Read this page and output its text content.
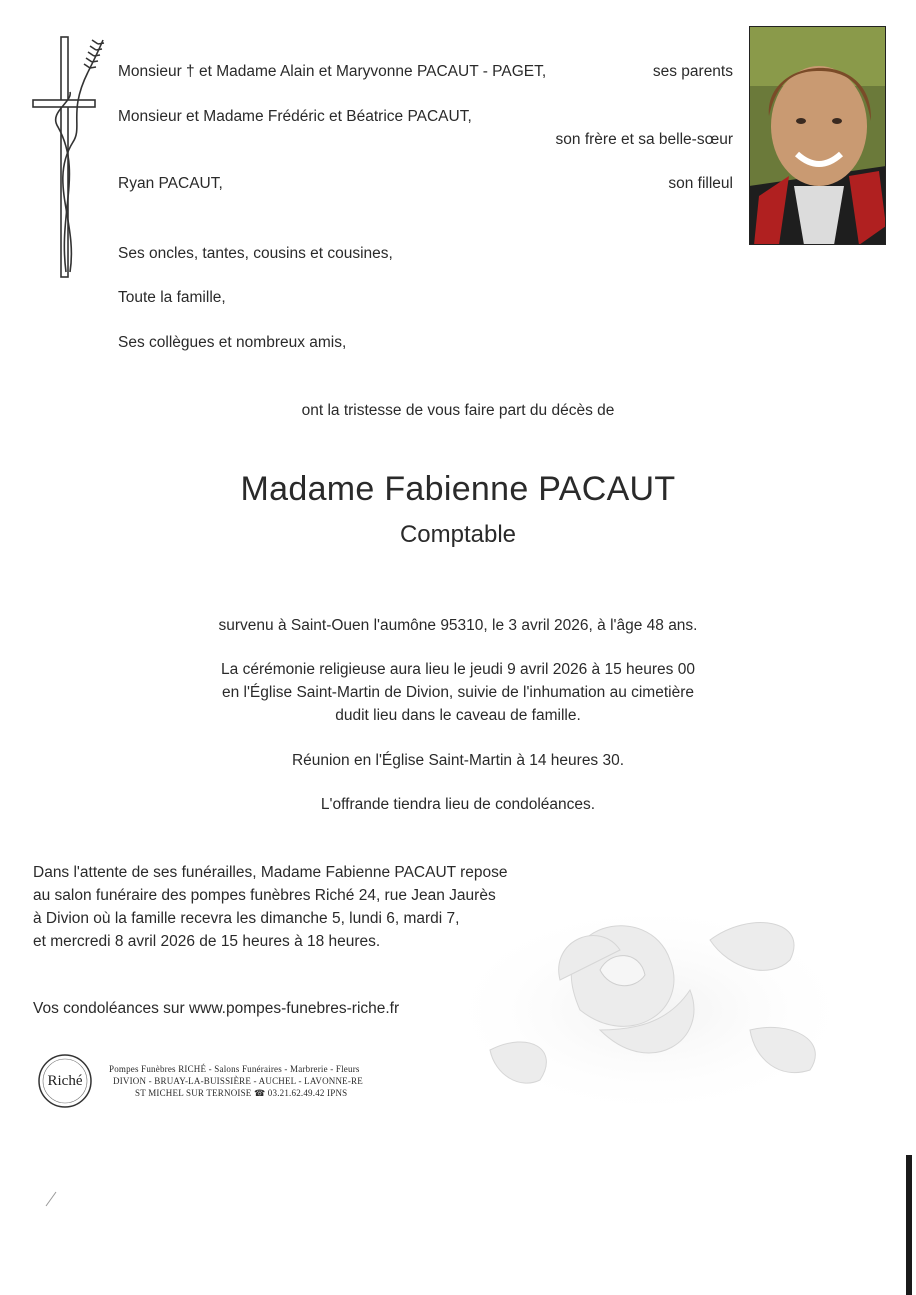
Monsieur † et Madame Alain et Maryvonne PACAUT - PAGET,	ses parents
Monsieur et Madame Frédéric et Béatrice PACAUT,
son frère et sa belle-sœur
Ryan PACAUT,	son filleul
Ses oncles, tantes, cousins et cousines,
Toute la famille,
Ses collègues et nombreux amis,
ont la tristesse de vous faire part du décès de
Madame Fabienne PACAUT
Comptable
survenu à Saint-Ouen l'aumône 95310, le 3 avril 2026, à l'âge 48 ans.
La cérémonie religieuse aura lieu le jeudi 9 avril 2026 à 15 heures 00
en l'Église Saint-Martin de Divion, suivie de l'inhumation au cimetière
dudit lieu dans le caveau de famille.
Réunion en l'Église Saint-Martin à 14 heures 30.
L'offrande tiendra lieu de condoléances.
Dans l'attente de ses funérailles, Madame Fabienne PACAUT repose
au salon funéraire des pompes funèbres Riché 24, rue Jean Jaurès
à Divion où la famille recevra les dimanche 5, lundi 6, mardi 7,
et mercredi 8 avril 2026 de 15 heures à 18 heures.
Vos condoléances sur www.pompes-funebres-riche.fr
Riché
Pompes Funèbres RICHÉ - Salons Funéraires - Marbrerie - Fleurs
DIVION - BRUAY-LA-BUISSIÈRE - AUCHEL - LAVONNE-RE
ST MICHEL SUR TERNOISE ☎ 03.21.62.49.42 IPNS
